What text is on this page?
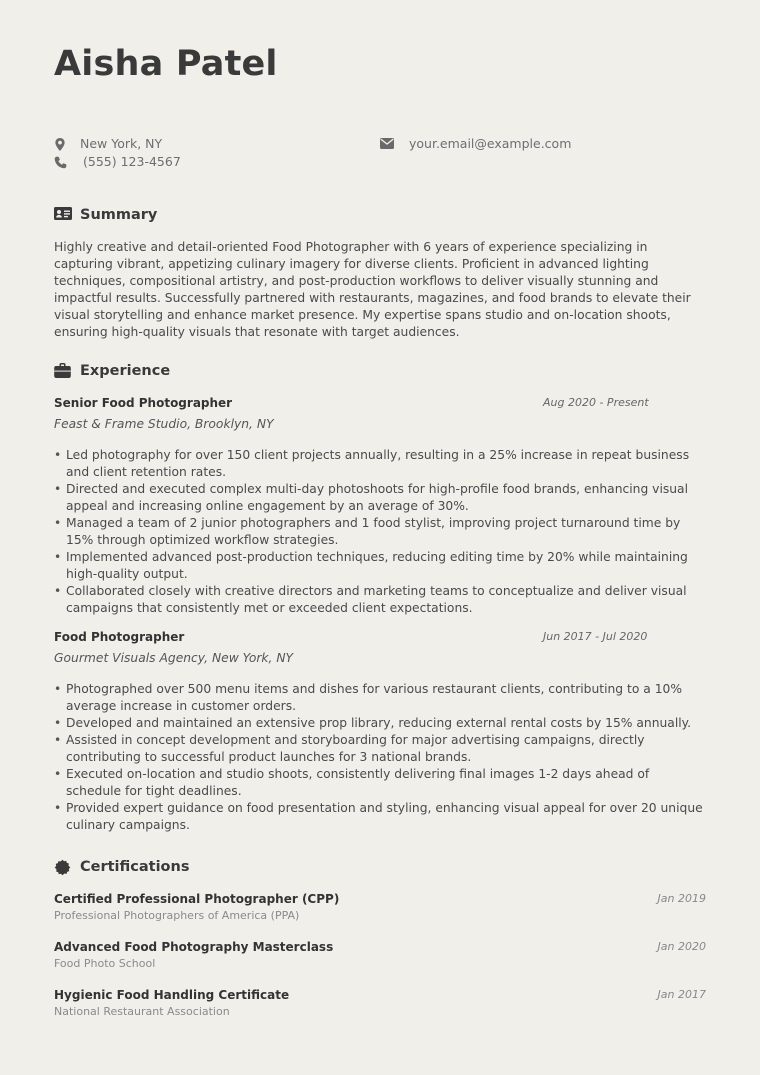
Aisha Patel
New York, NY	your.email@example.com
(555) 123-4567
Summary

Highly creative and detail-oriented Food Photographer with 6 years of experience specializing in capturing vibrant, appetizing culinary imagery for diverse clients. Proficient in advanced lighting techniques, compositional artistry, and post-production workflows to deliver visually stunning and impactful results. Successfully partnered with restaurants, magazines, and food brands to elevate their visual storytelling and enhance market presence. My expertise spans studio and on-location shoots, ensuring high-quality visuals that resonate with target audiences.

Experience
Senior Food Photographer	Aug 2020 - Present
Feast & Frame Studio, Brooklyn, NY
• Led photography for over 150 client projects annually, resulting in a 25% increase in repeat business and client retention rates.
• Directed and executed complex multi-day photoshoots for high-profile food brands, enhancing visual appeal and increasing online engagement by an average of 30%.
• Managed a team of 2 junior photographers and 1 food stylist, improving project turnaround time by 15% through optimized workflow strategies.
• Implemented advanced post-production techniques, reducing editing time by 20% while maintaining high-quality output.
• Collaborated closely with creative directors and marketing teams to conceptualize and deliver visual campaigns that consistently met or exceeded client expectations.
Food Photographer	Jun 2017 - Jul 2020
Gourmet Visuals Agency, New York, NY
• Photographed over 500 menu items and dishes for various restaurant clients, contributing to a 10% average increase in customer orders.
• Developed and maintained an extensive prop library, reducing external rental costs by 15% annually.
• Assisted in concept development and storyboarding for major advertising campaigns, directly contributing to successful product launches for 3 national brands.
• Executed on-location and studio shoots, consistently delivering final images 1-2 days ahead of schedule for tight deadlines.
• Provided expert guidance on food presentation and styling, enhancing visual appeal for over 20 unique culinary campaigns.
Certifications
Certified Professional Photographer (CPP)	Jan 2019
Professional Photographers of America (PPA)
Advanced Food Photography Masterclass	Jan 2020
Food Photo School
Hygienic Food Handling Certificate	Jan 2017
National Restaurant Association
